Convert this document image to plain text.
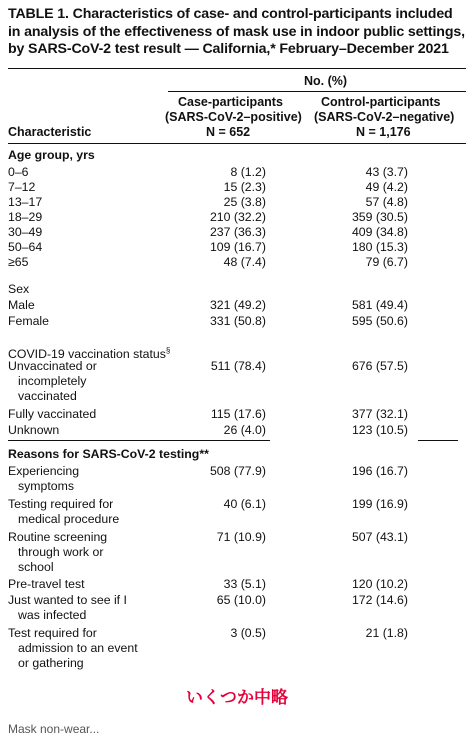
TABLE 1. Characteristics of case- and control-participants included in analysis of the effectiveness of mask use in indoor public settings, by SARS-CoV-2 test result — California,* February–December 2021

No. (%)
Case-participants
(SARS-CoV-2–positive)
N = 652
Control-participants
(SARS-CoV-2–negative)
N = 1,176
Characteristic
Age group, yrs
0–6	8 (1.2)	43 (3.7)
7–12	15 (2.3)	49 (4.2)
13–17	25 (3.8)	57 (4.8)
18–29	210 (32.2)	359 (30.5)
30–49	237 (36.3)	409 (34.8)
50–64	109 (16.7)	180 (15.3)
≥65	48 (7.4)	79 (6.7)
Sex
Male	321 (49.2)	581 (49.4)
Female	331 (50.8)	595 (50.6)
COVID-19 vaccination status§
Unvaccinated or	511 (78.4)	676 (57.5)
incompletely
vaccinated
Fully vaccinated	115 (17.6)	377 (32.1)
Unknown	26 (4.0)	123 (10.5)
Reasons for SARS-CoV-2 testing**
Experiencing	508 (77.9)	196 (16.7)
symptoms
Testing required for	40 (6.1)	199 (16.9)
medical procedure
Routine screening	71 (10.9)	507 (43.1)
through work or
school
Pre-travel test	33 (5.1)	120 (10.2)
Just wanted to see if I	65 (10.0)	172 (14.6)
was infected
Test required for	3 (0.5)	21 (1.8)
admission to an event
or gathering
いくつか中略
Mask non-wear...
